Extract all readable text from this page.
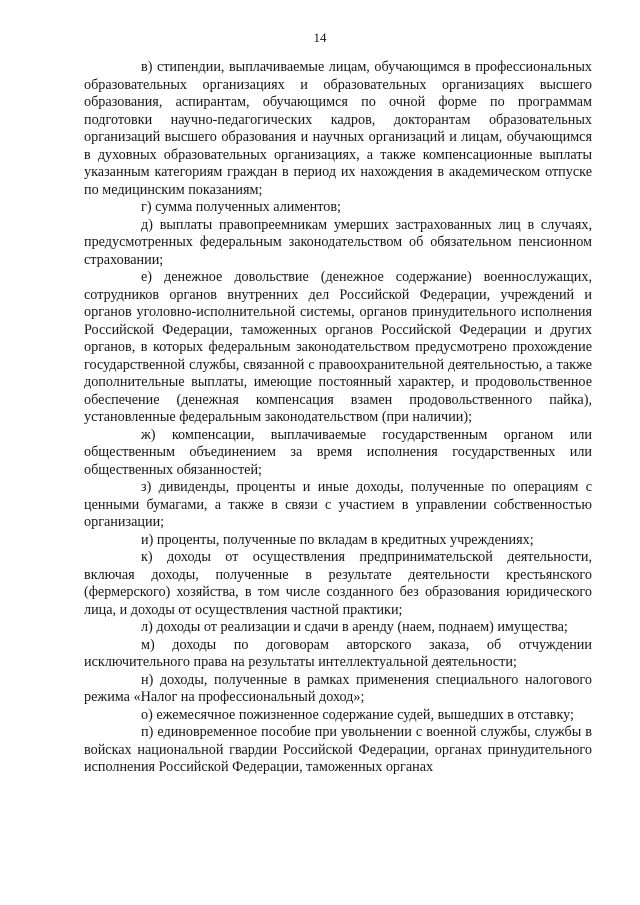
14

в) стипендии, выплачиваемые лицам, обучающимся в профессиональных образовательных организациях и образовательных организациях высшего образования, аспирантам, обучающимся по очной форме по программам подготовки научно-педагогических кадров, докторантам образовательных организаций высшего образования и научных организаций и лицам, обучающимся в духовных образовательных организациях, а также компенсационные выплаты указанным категориям граждан в период их нахождения в академическом отпуске по медицинским показаниям;

г) сумма полученных алиментов;

д) выплаты правопреемникам умерших застрахованных лиц в случаях, предусмотренных федеральным законодательством об обязательном пенсионном страховании;

е) денежное довольствие (денежное содержание) военнослужащих, сотрудников органов внутренних дел Российской Федерации, учреждений и органов уголовно-исполнительной системы, органов принудительного исполнения Российской Федерации, таможенных органов Российской Федерации и других органов, в которых федеральным законодательством предусмотрено прохождение государственной службы, связанной с правоохранительной деятельностью, а также дополнительные выплаты, имеющие постоянный характер, и продовольственное обеспечение (денежная компенсация взамен продовольственного пайка), установленные федеральным законодательством (при наличии);

ж) компенсации, выплачиваемые государственным органом или общественным объединением за время исполнения государственных или общественных обязанностей;

з) дивиденды, проценты и иные доходы, полученные по операциям с ценными бумагами, а также в связи с участием в управлении собственностью организации;

и) проценты, полученные по вкладам в кредитных учреждениях;

к) доходы от осуществления предпринимательской деятельности, включая доходы, полученные в результате деятельности крестьянского (фермерского) хозяйства, в том числе созданного без образования юридического лица, и доходы от осуществления частной практики;

л) доходы от реализации и сдачи в аренду (наем, поднаем) имущества;

м) доходы по договорам авторского заказа, об отчуждении исключительного права на результаты интеллектуальной деятельности;

н) доходы, полученные в рамках применения специального налогового режима «Налог на профессиональный доход»;

о) ежемесячное пожизненное содержание судей, вышедших в отставку;

п) единовременное пособие при увольнении с военной службы, службы в войсках национальной гвардии Российской Федерации, органах принудительного исполнения Российской Федерации, таможенных органах
